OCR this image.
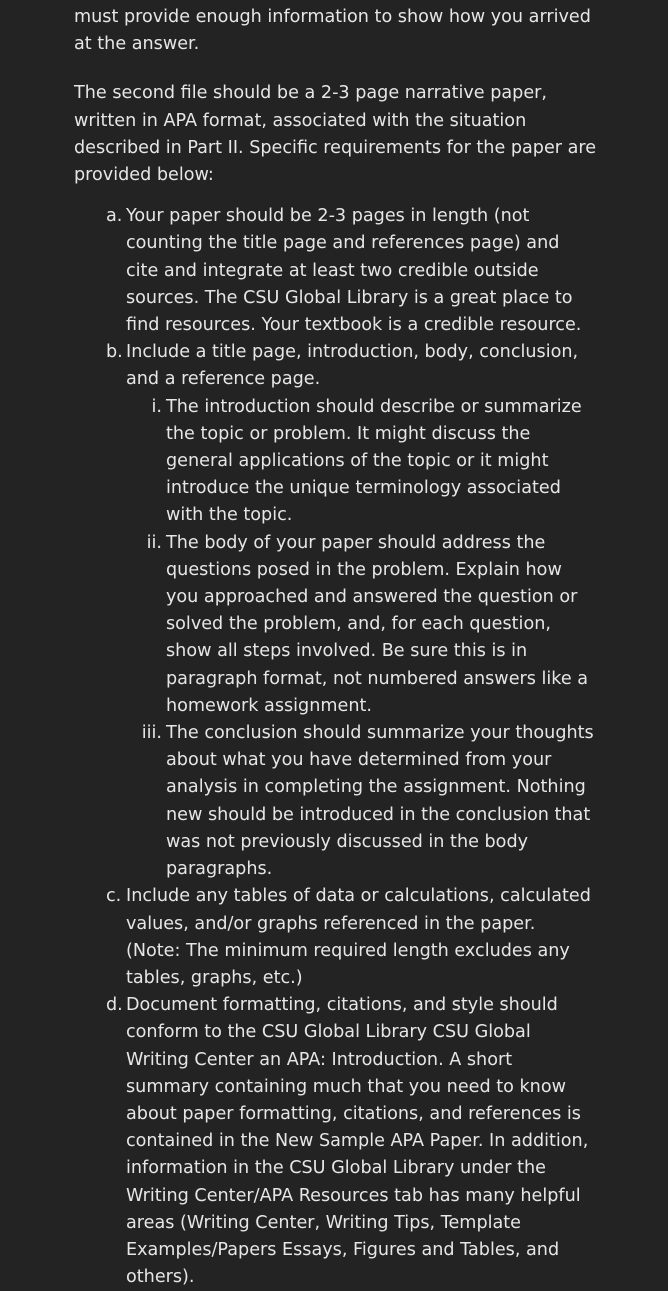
must provide enough information to show how you arrived at the answer.

The second file should be a 2-3 page narrative paper, written in APA format, associated with the situation described in Part II. Specific requirements for the paper are provided below:

a. Your paper should be 2-3 pages in length (not counting the title page and references page) and cite and integrate at least two credible outside sources. The CSU Global Library is a great place to find resources. Your textbook is a credible resource.
b. Include a title page, introduction, body, conclusion, and a reference page.
i. The introduction should describe or summarize the topic or problem. It might discuss the general applications of the topic or it might introduce the unique terminology associated with the topic.
ii. The body of your paper should address the questions posed in the problem. Explain how you approached and answered the question or solved the problem, and, for each question, show all steps involved. Be sure this is in paragraph format, not numbered answers like a homework assignment.
iii. The conclusion should summarize your thoughts about what you have determined from your analysis in completing the assignment. Nothing new should be introduced in the conclusion that was not previously discussed in the body paragraphs.
c. Include any tables of data or calculations, calculated values, and/or graphs referenced in the paper. (Note: The minimum required length excludes any tables, graphs, etc.)
d. Document formatting, citations, and style should conform to the CSU Global Library CSU Global Writing Center an APA: Introduction. A short summary containing much that you need to know about paper formatting, citations, and references is contained in the New Sample APA Paper. In addition, information in the CSU Global Library under the Writing Center/APA Resources tab has many helpful areas (Writing Center, Writing Tips, Template Examples/Papers Essays, Figures and Tables, and others).
